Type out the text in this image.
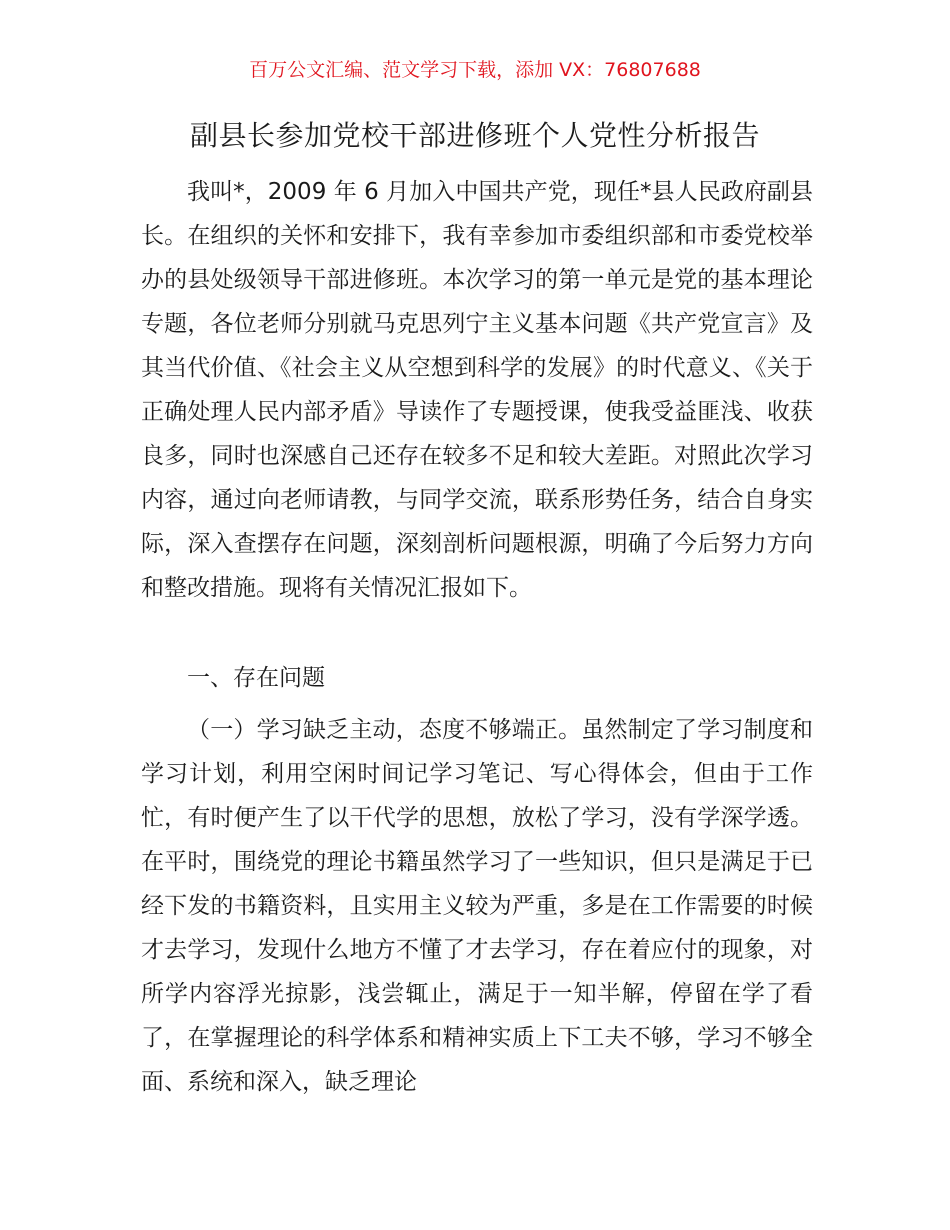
百万公文汇编、范文学习下载，添加 VX：76807688
副县长参加党校干部进修班个人党性分析报告
我叫*，2009 年 6 月加入中国共产党，现任*县人民政府副县长。在组织的关怀和安排下，我有幸参加市委组织部和市委党校举办的县处级领导干部进修班。本次学习的第一单元是党的基本理论专题，各位老师分别就马克思列宁主义基本问题《共产党宣言》及其当代价值、《社会主义从空想到科学的发展》的时代意义、《关于正确处理人民内部矛盾》导读作了专题授课，使我受益匪浅、收获良多，同时也深感自己还存在较多不足和较大差距。对照此次学习内容，通过向老师请教，与同学交流，联系形势任务，结合自身实际，深入查摆存在问题，深刻剖析问题根源，明确了今后努力方向和整改措施。现将有关情况汇报如下。
一、存在问题
（一）学习缺乏主动，态度不够端正。虽然制定了学习制度和学习计划，利用空闲时间记学习笔记、写心得体会，但由于工作忙，有时便产生了以干代学的思想，放松了学习，没有学深学透。在平时，围绕党的理论书籍虽然学习了一些知识，但只是满足于已经下发的书籍资料，且实用主义较为严重，多是在工作需要的时候才去学习，发现什么地方不懂了才去学习，存在着应付的现象，对所学内容浮光掠影，浅尝辄止，满足于一知半解，停留在学了看了，在掌握理论的科学体系和精神实质上下工夫不够，学习不够全面、系统和深入，缺乏理论
